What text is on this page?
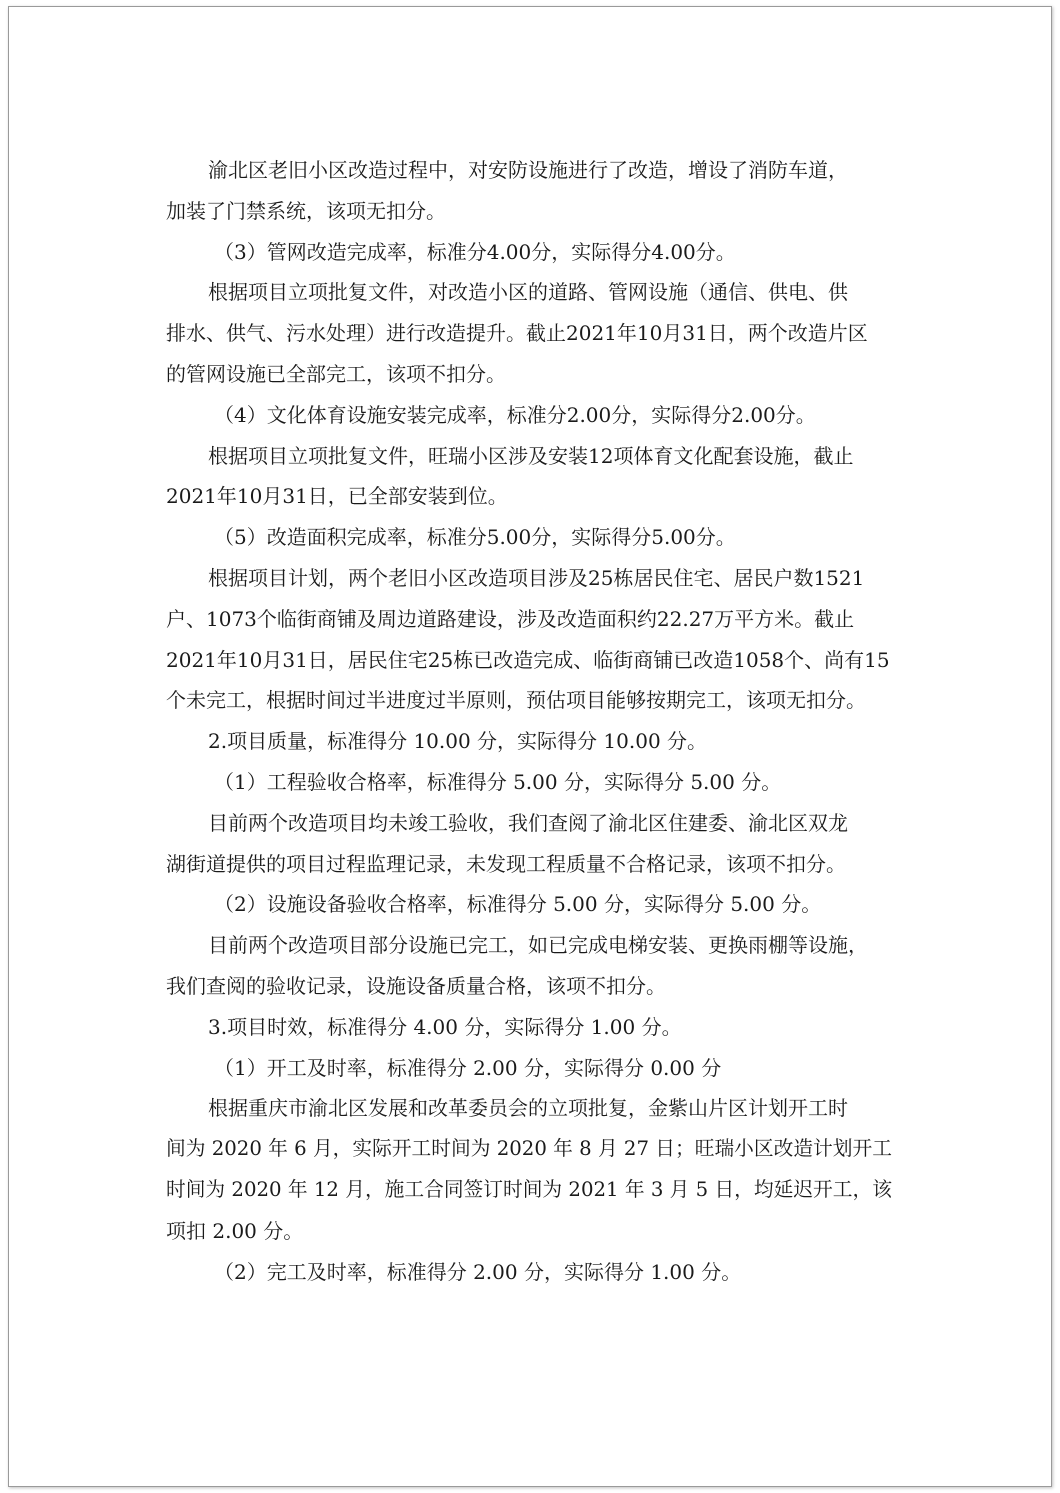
渝北区老旧小区改造过程中，对安防设施进行了改造，增设了消防车道，
加装了门禁系统，该项无扣分。
（3）管网改造完成率，标准分4.00分，实际得分4.00分。
根据项目立项批复文件，对改造小区的道路、管网设施（通信、供电、供
排水、供气、污水处理）进行改造提升。截止2021年10月31日，两个改造片区
的管网设施已全部完工，该项不扣分。
（4）文化体育设施安装完成率，标准分2.00分，实际得分2.00分。
根据项目立项批复文件，旺瑞小区涉及安装12项体育文化配套设施，截止
2021年10月31日，已全部安装到位。
（5）改造面积完成率，标准分5.00分，实际得分5.00分。
根据项目计划，两个老旧小区改造项目涉及25栋居民住宅、居民户数1521
户、1073个临街商铺及周边道路建设，涉及改造面积约22.27万平方米。截止
2021年10月31日，居民住宅25栋已改造完成、临街商铺已改造1058个、尚有15
个未完工，根据时间过半进度过半原则，预估项目能够按期完工，该项无扣分。
2.项目质量，标准得分 10.00 分，实际得分 10.00 分。
（1）工程验收合格率，标准得分 5.00 分，实际得分 5.00 分。
目前两个改造项目均未竣工验收，我们查阅了渝北区住建委、渝北区双龙
湖街道提供的项目过程监理记录，未发现工程质量不合格记录，该项不扣分。
（2）设施设备验收合格率，标准得分 5.00 分，实际得分 5.00 分。
目前两个改造项目部分设施已完工，如已完成电梯安装、更换雨棚等设施，
我们查阅的验收记录，设施设备质量合格，该项不扣分。
3.项目时效，标准得分 4.00 分，实际得分 1.00 分。
（1）开工及时率，标准得分 2.00 分，实际得分 0.00 分
根据重庆市渝北区发展和改革委员会的立项批复，金紫山片区计划开工时
间为 2020 年 6 月，实际开工时间为 2020 年 8 月 27 日；旺瑞小区改造计划开工
时间为 2020 年 12 月，施工合同签订时间为 2021 年 3 月 5 日，均延迟开工，该
项扣 2.00 分。
（2）完工及时率，标准得分 2.00 分，实际得分 1.00 分。
